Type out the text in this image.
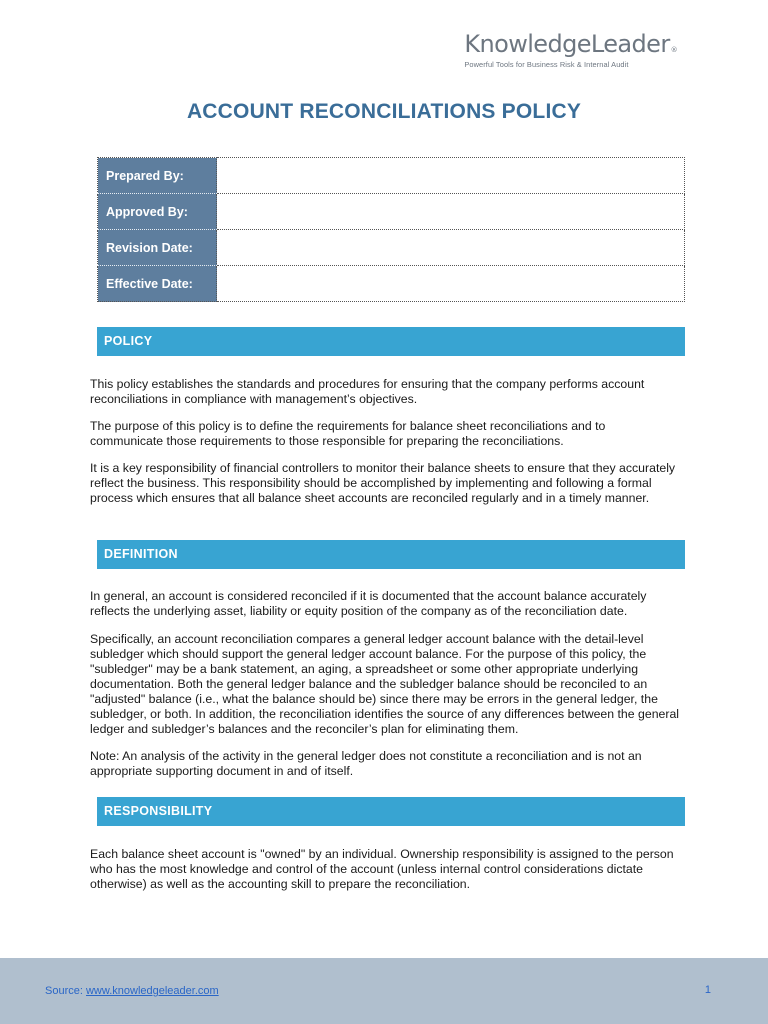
KnowledgeLeader®
Powerful Tools for Business Risk & Internal Audit
ACCOUNT RECONCILIATIONS POLICY
Prepared By:	
Approved By:	
Revision Date:	
Effective Date:	
POLICY

This policy establishes the standards and procedures for ensuring that the company performs account reconciliations in compliance with management’s objectives.

The purpose of this policy is to define the requirements for balance sheet reconciliations and to communicate those requirements to those responsible for preparing the reconciliations.

It is a key responsibility of financial controllers to monitor their balance sheets to ensure that they accurately reflect the business. This responsibility should be accomplished by implementing and following a formal process which ensures that all balance sheet accounts are reconciled regularly and in a timely manner.

DEFINITION

In general, an account is considered reconciled if it is documented that the account balance accurately reflects the underlying asset, liability or equity position of the company as of the reconciliation date.

Specifically, an account reconciliation compares a general ledger account balance with the detail-level subledger which should support the general ledger account balance. For the purpose of this policy, the "subledger" may be a bank statement, an aging, a spreadsheet or some other appropriate underlying documentation. Both the general ledger balance and the subledger balance should be reconciled to an "adjusted" balance (i.e., what the balance should be) since there may be errors in the general ledger, the subledger, or both. In addition, the reconciliation identifies the source of any differences between the general ledger and subledger’s balances and the reconciler’s plan for eliminating them.

Note: An analysis of the activity in the general ledger does not constitute a reconciliation and is not an appropriate supporting document in and of itself.

RESPONSIBILITY

Each balance sheet account is "owned" by an individual. Ownership responsibility is assigned to the person who has the most knowledge and control of the account (unless internal control considerations dictate otherwise) as well as the accounting skill to prepare the reconciliation.

Source: www.knowledgeleader.com	1
